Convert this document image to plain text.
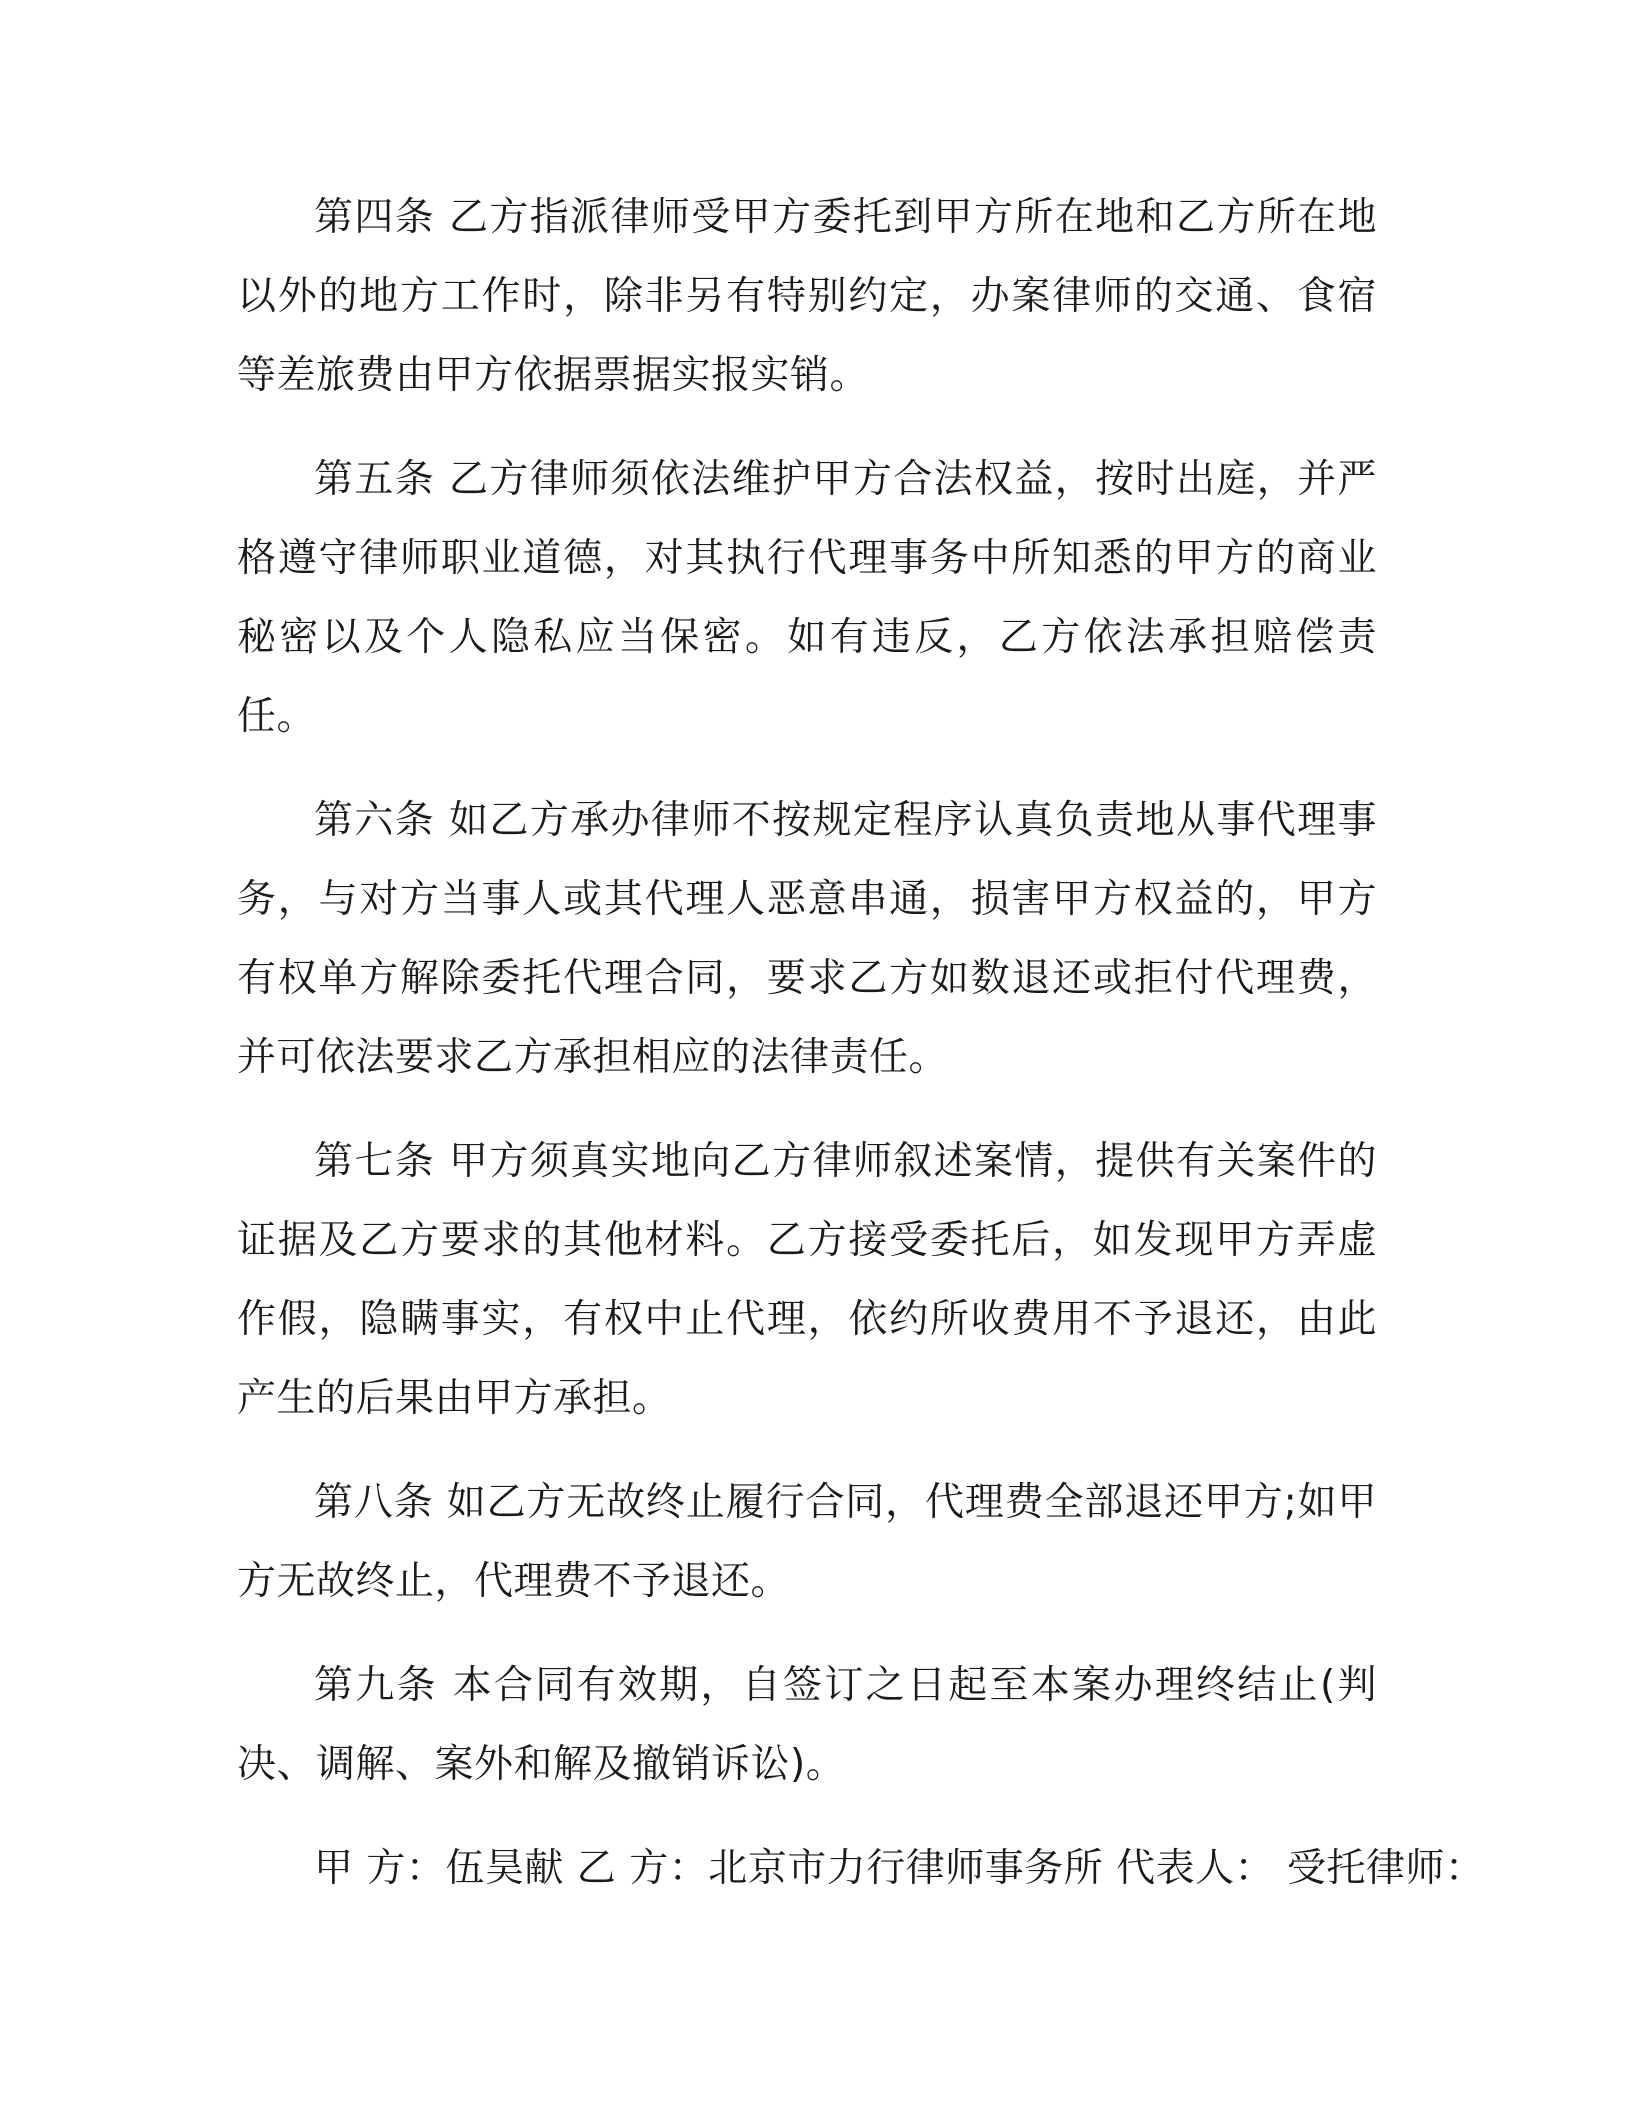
第四条 乙方指派律师受甲方委托到甲方所在地和乙方所在地以外的地方工作时，除非另有特别约定，办案律师的交通、食宿等差旅费由甲方依据票据实报实销。

第五条 乙方律师须依法维护甲方合法权益，按时出庭，并严格遵守律师职业道德，对其执行代理事务中所知悉的甲方的商业秘密以及个人隐私应当保密。如有违反，乙方依法承担赔偿责任。

第六条 如乙方承办律师不按规定程序认真负责地从事代理事务，与对方当事人或其代理人恶意串通，损害甲方权益的，甲方有权单方解除委托代理合同，要求乙方如数退还或拒付代理费，并可依法要求乙方承担相应的法律责任。

第七条 甲方须真实地向乙方律师叙述案情，提供有关案件的证据及乙方要求的其他材料。乙方接受委托后，如发现甲方弄虚作假，隐瞒事实，有权中止代理，依约所收费用不予退还，由此产生的后果由甲方承担。

第八条 如乙方无故终止履行合同，代理费全部退还甲方;如甲方无故终止，代理费不予退还。

第九条 本合同有效期，自签订之日起至本案办理终结止(判决、调解、案外和解及撤销诉讼)。

甲 方：伍昊献 乙 方：北京市力行律师事务所 代表人： 受托律师：
